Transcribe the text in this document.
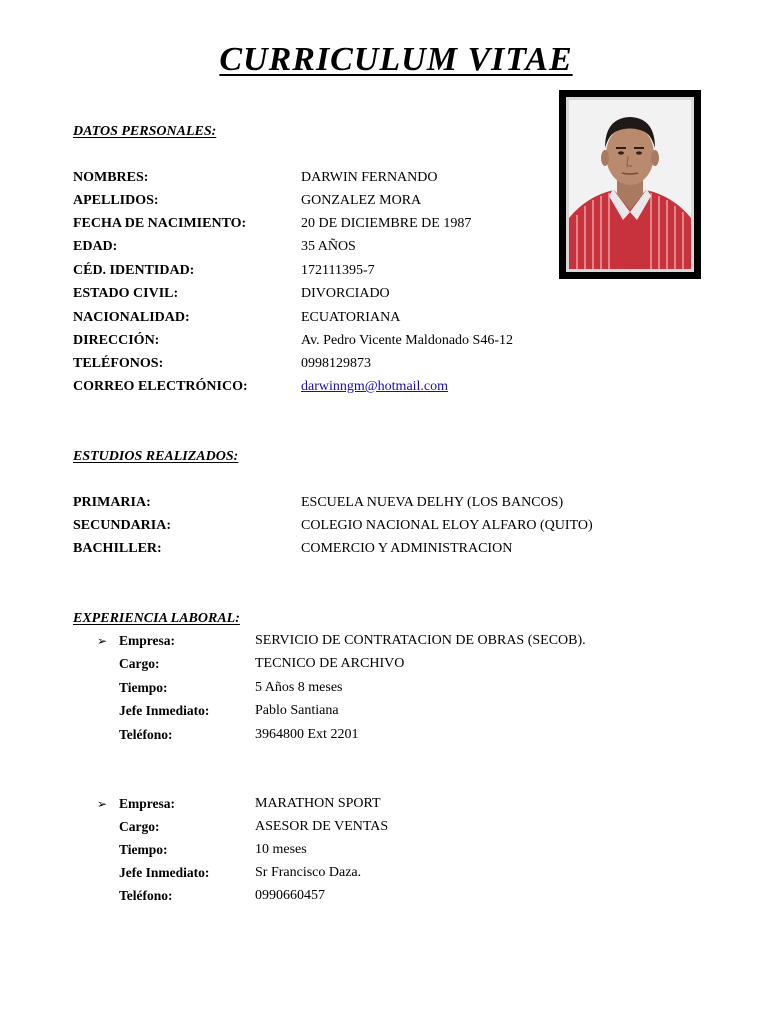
CURRICULUM VITAE
DATOS PERSONALES:
NOMBRES:	DARWIN FERNANDO
APELLIDOS:	GONZALEZ MORA
FECHA DE NACIMIENTO:	20 DE DICIEMBRE DE 1987
EDAD:	35 AÑOS
CÉD. IDENTIDAD:	172111395-7
ESTADO CIVIL:	DIVORCIADO
NACIONALIDAD:	ECUATORIANA
DIRECCIÓN:	Av. Pedro Vicente Maldonado S46-12
TELÉFONOS:	0998129873
CORREO ELECTRÓNICO:	darwinngm@hotmail.com
ESTUDIOS REALIZADOS:
PRIMARIA:	ESCUELA NUEVA DELHY (LOS BANCOS)
SECUNDARIA:	COLEGIO NACIONAL ELOY ALFARO (QUITO)
BACHILLER:	COMERCIO Y ADMINISTRACION
EXPERIENCIA LABORAL:
➢ Empresa:	SERVICIO DE CONTRATACION DE OBRAS (SECOB).
Cargo:	TECNICO DE ARCHIVO
Tiempo:	5 Años 8 meses
Jefe Inmediato:	Pablo Santiana
Teléfono:	3964800 Ext 2201
➢ Empresa:	MARATHON SPORT
Cargo:	ASESOR DE VENTAS
Tiempo:	10 meses
Jefe Inmediato:	Sr Francisco Daza.
Teléfono:	0990660457
